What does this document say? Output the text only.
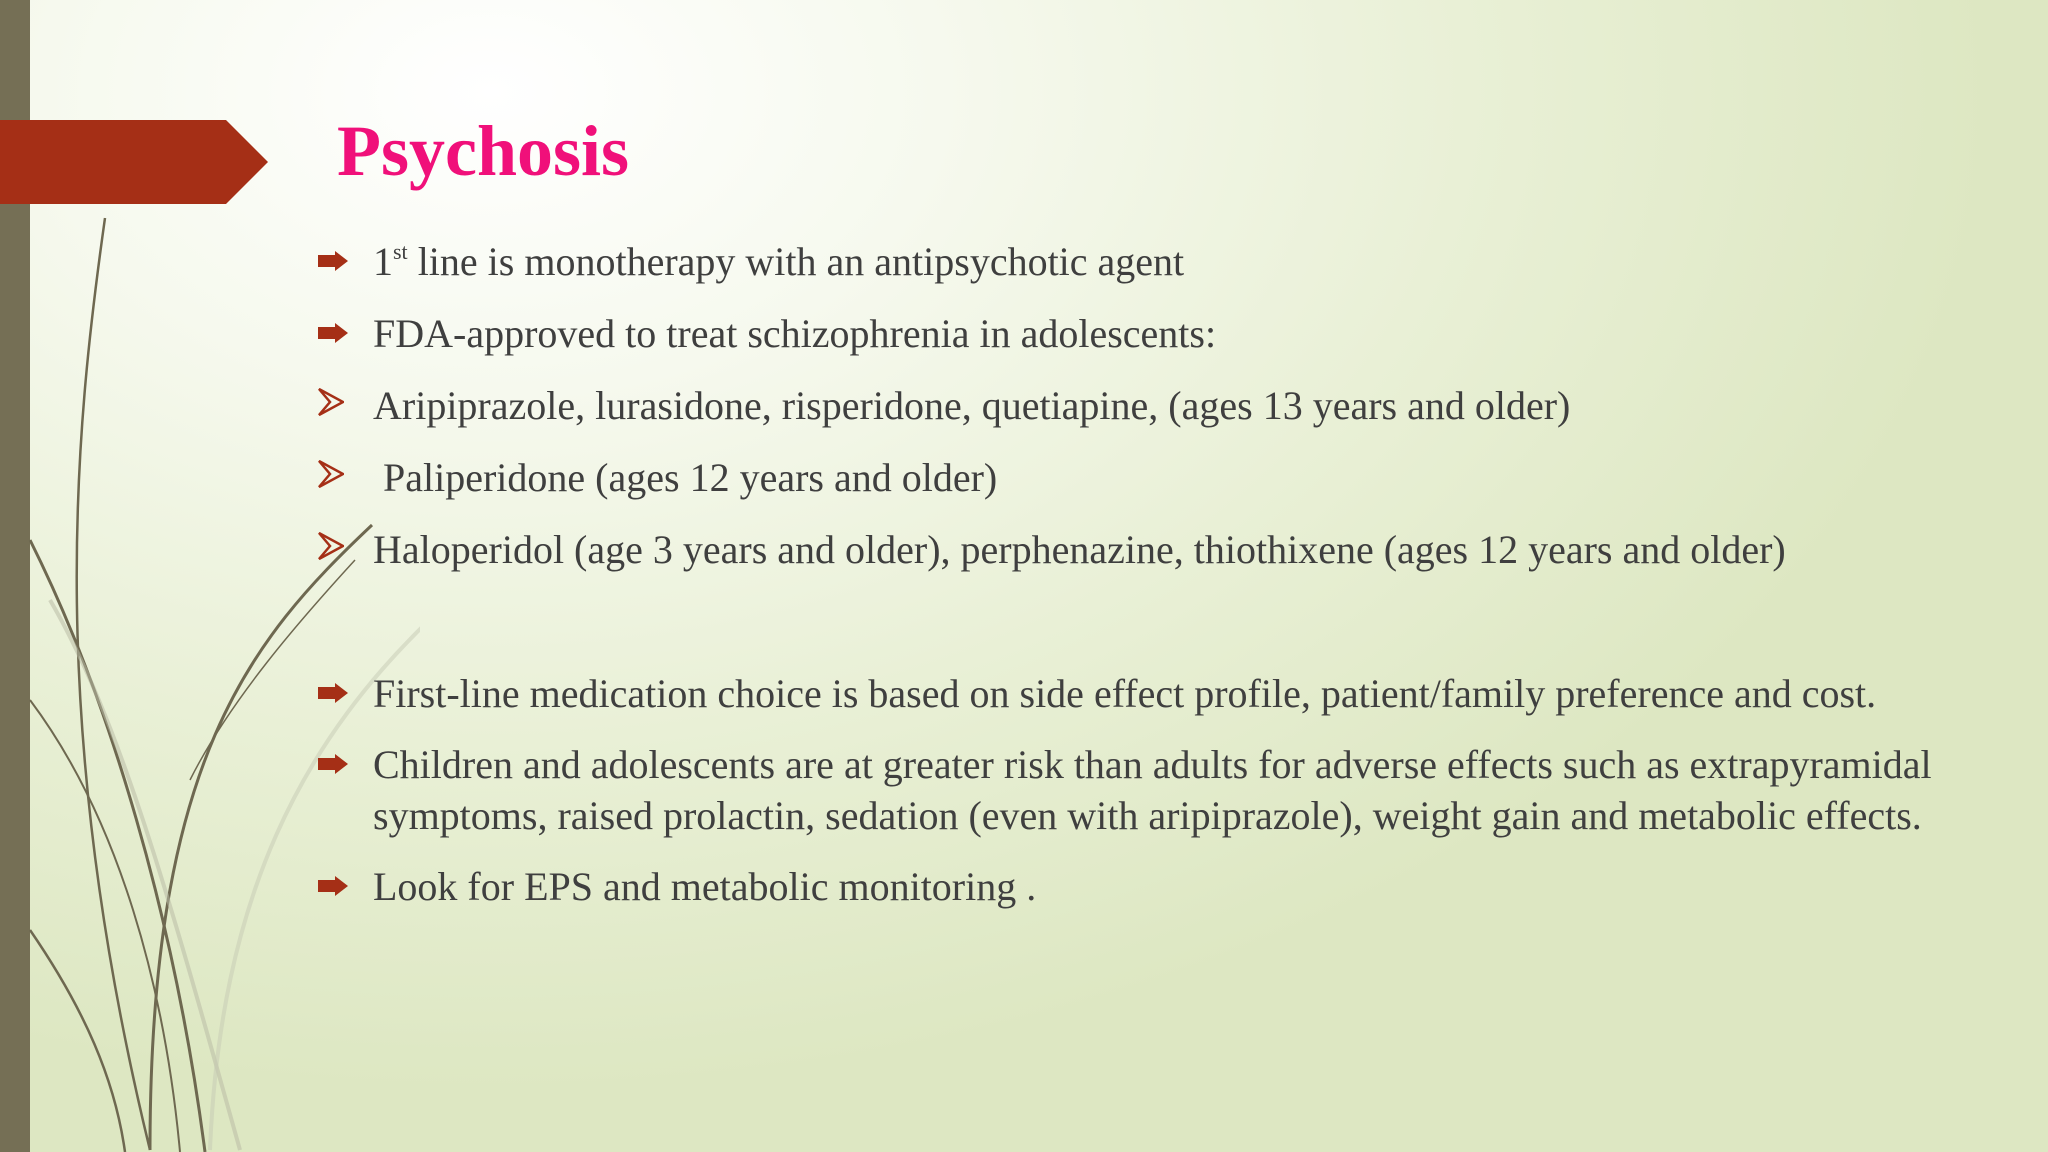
Psychosis
1st line is monotherapy with an antipsychotic agent
FDA-approved to treat schizophrenia in adolescents:
Aripiprazole, lurasidone, risperidone, quetiapine, (ages 13 years and older)
Paliperidone (ages 12 years and older)
Haloperidol (age 3 years and older), perphenazine, thiothixene (ages 12 years and older)
First-line medication choice is based on side effect profile, patient/family preference and cost.
Children and adolescents are at greater risk than adults for adverse effects such as extrapyramidal symptoms, raised prolactin, sedation (even with aripiprazole), weight gain and metabolic effects.
Look for EPS and metabolic monitoring .
